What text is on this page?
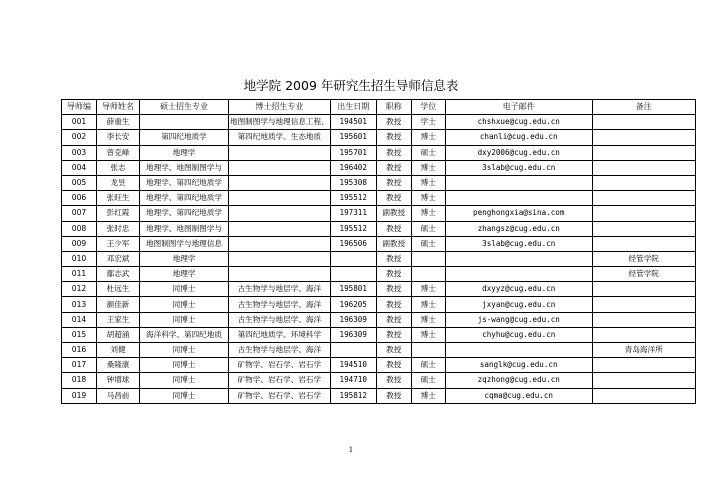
地学院 2009 年研究生招生导师信息表
导师编	导师姓名	硕士招生专业	博士招生专业	出生日期	职称	学位	电子邮件	备注
001	薛重生		地图制图学与地理信息工程、	194501	教授	学士	chshxue@cug.edu.cn	
002	李长安	第四纪地质学	第四纪地质学、生态地质	195601	教授	博士	chanli@cug.edu.cn	
003	曾克峰	地理学		195701	教授	硕士	dxy2006@cug.edu.cn	
004	张志	地理学、地图制图学与		196402	教授	博士	3slab@cug.edu.cn	
005	龙昱	地理学、第四纪地质学		195308	教授	博士		
006	张旺生	地理学、第四纪地质学		195512	教授	博士		
007	彭红霞	地理学、第四纪地质学		197311	副教授	博士	penghongxia@sina.com	
008	张时忠	地理学、地图制图学与		195512	教授	硕士	zhangsz@cug.edu.cn	
009	王少军	地图制图学与地理信息		196506	副教授	硕士	3slab@cug.edu.cn	
010	邓宏斌	地理学			教授			经管学院
011	鄢志武	地理学			教授			经管学院
012	杜远生	同博士	古生物学与地层学、海洋	195801	教授	博士	dxyyz@cug.edu.cn	
013	颜佳新	同博士	古生物学与地层学、海洋	196205	教授	博士	jxyan@cug.edu.cn	
014	王家生	同博士	古生物学与地层学、海洋	196309	教授	博士	js-wang@cug.edu.cn	
015	胡超涌	海洋科学、第四纪地质	第四纪地质学、环境科学	196309	教授	博士	chyhu@cug.edu.cn	
016	刘健	同博士	古生物学与地层学、海洋		教授			青岛海洋所
017	桑隆康	同博士	矿物学、岩石学、岩石学	194510	教授	硕士	sanglk@cug.edu.cn	
018	钟增球	同博士	矿物学、岩石学、岩石学	194710	教授	硕士	zqzhong@cug.edu.cn	
019	马昌前	同博士	矿物学、岩石学、岩石学	195812	教授	博士	cqma@cug.edu.cn	
1
